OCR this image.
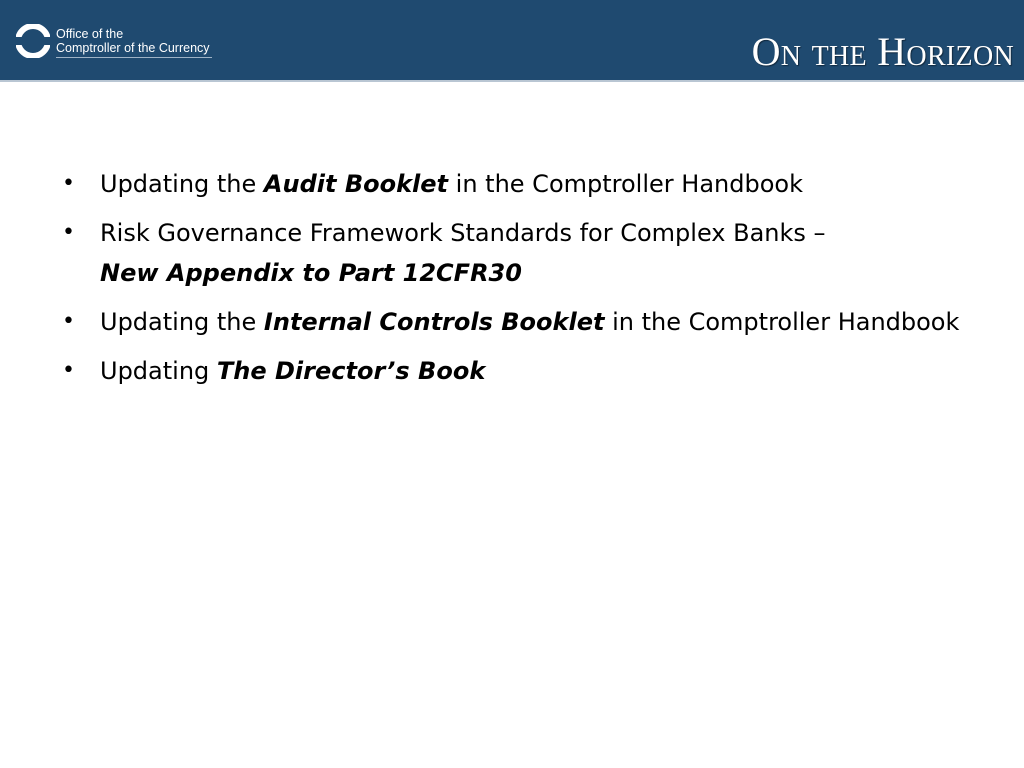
Office of the
Comptroller of the Currency	On the Horizon
• Updating the Audit Booklet in the Comptroller Handbook
• Risk Governance Framework Standards for Complex Banks –
New Appendix to Part 12CFR30
• Updating the Internal Controls Booklet in the Comptroller Handbook
• Updating The Director’s Book
